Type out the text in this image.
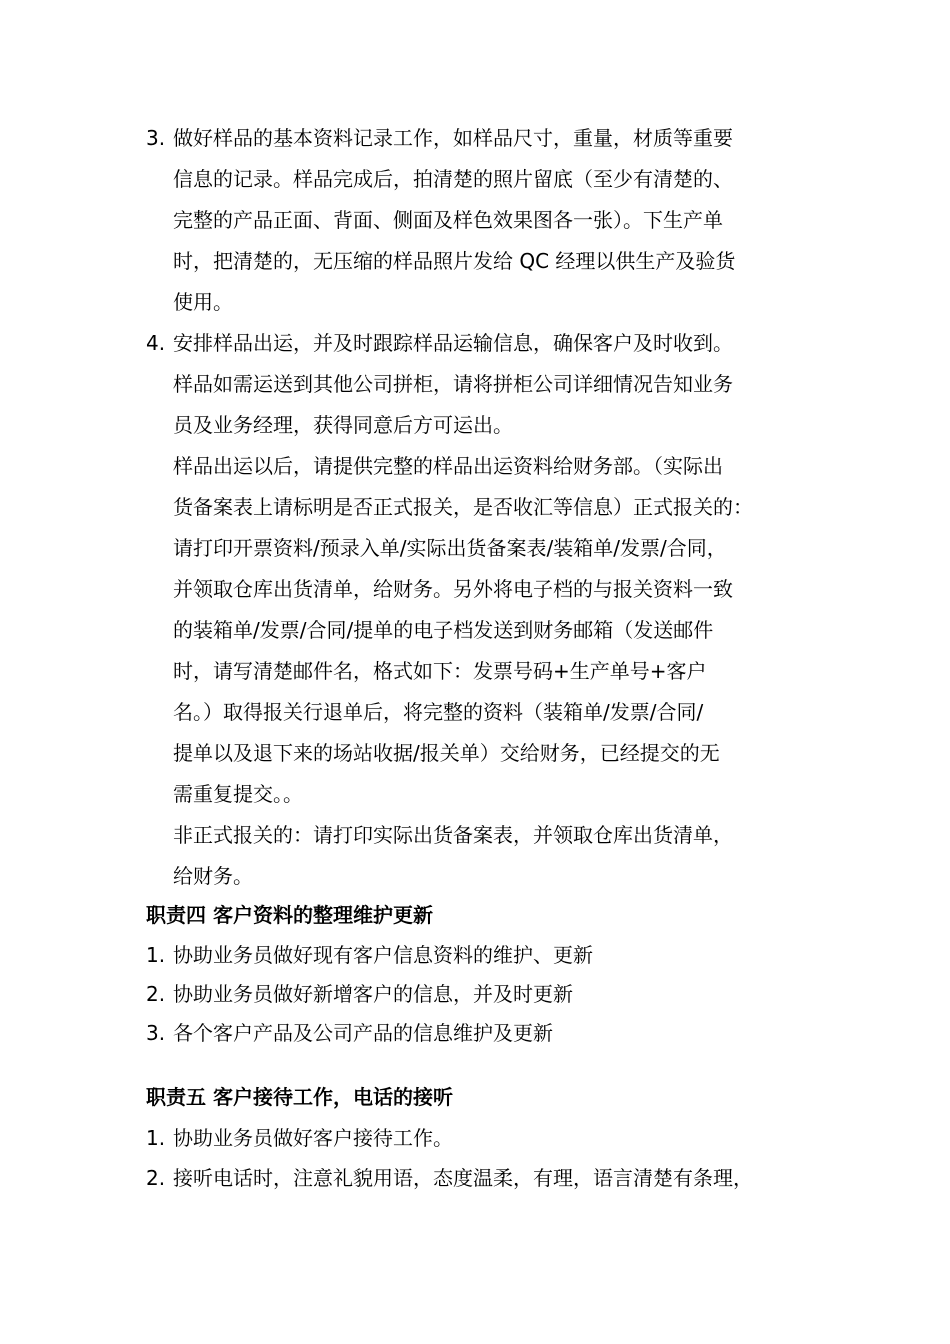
3. 做好样品的基本资料记录工作，如样品尺寸，重量，材质等重要
信息的记录。样品完成后，拍清楚的照片留底（至少有清楚的、
完整的产品正面、背面、侧面及样色效果图各一张）。下生产单
时，把清楚的，无压缩的样品照片发给 QC 经理以供生产及验货
使用。
4. 安排样品出运，并及时跟踪样品运输信息，确保客户及时收到。
样品如需运送到其他公司拼柜，请将拼柜公司详细情况告知业务
员及业务经理，获得同意后方可运出。
样品出运以后，请提供完整的样品出运资料给财务部。（实际出
货备案表上请标明是否正式报关，是否收汇等信息）正式报关的：
请打印开票资料/预录入单/实际出货备案表/装箱单/发票/合同，
并领取仓库出货清单，给财务。另外将电子档的与报关资料一致
的装箱单/发票/合同/提单的电子档发送到财务邮箱（发送邮件
时，请写清楚邮件名，格式如下：发票号码+生产单号+客户
名。）取得报关行退单后，将完整的资料（装箱单/发票/合同/
提单以及退下来的场站收据/报关单）交给财务，已经提交的无
需重复提交。。
非正式报关的：请打印实际出货备案表，并领取仓库出货清单，
给财务。
职责四 客户资料的整理维护更新
1. 协助业务员做好现有客户信息资料的维护、更新
2. 协助业务员做好新增客户的信息，并及时更新
3. 各个客户产品及公司产品的信息维护及更新
职责五 客户接待工作，电话的接听
1. 协助业务员做好客户接待工作。
2. 接听电话时，注意礼貌用语，态度温柔，有理，语言清楚有条理，
